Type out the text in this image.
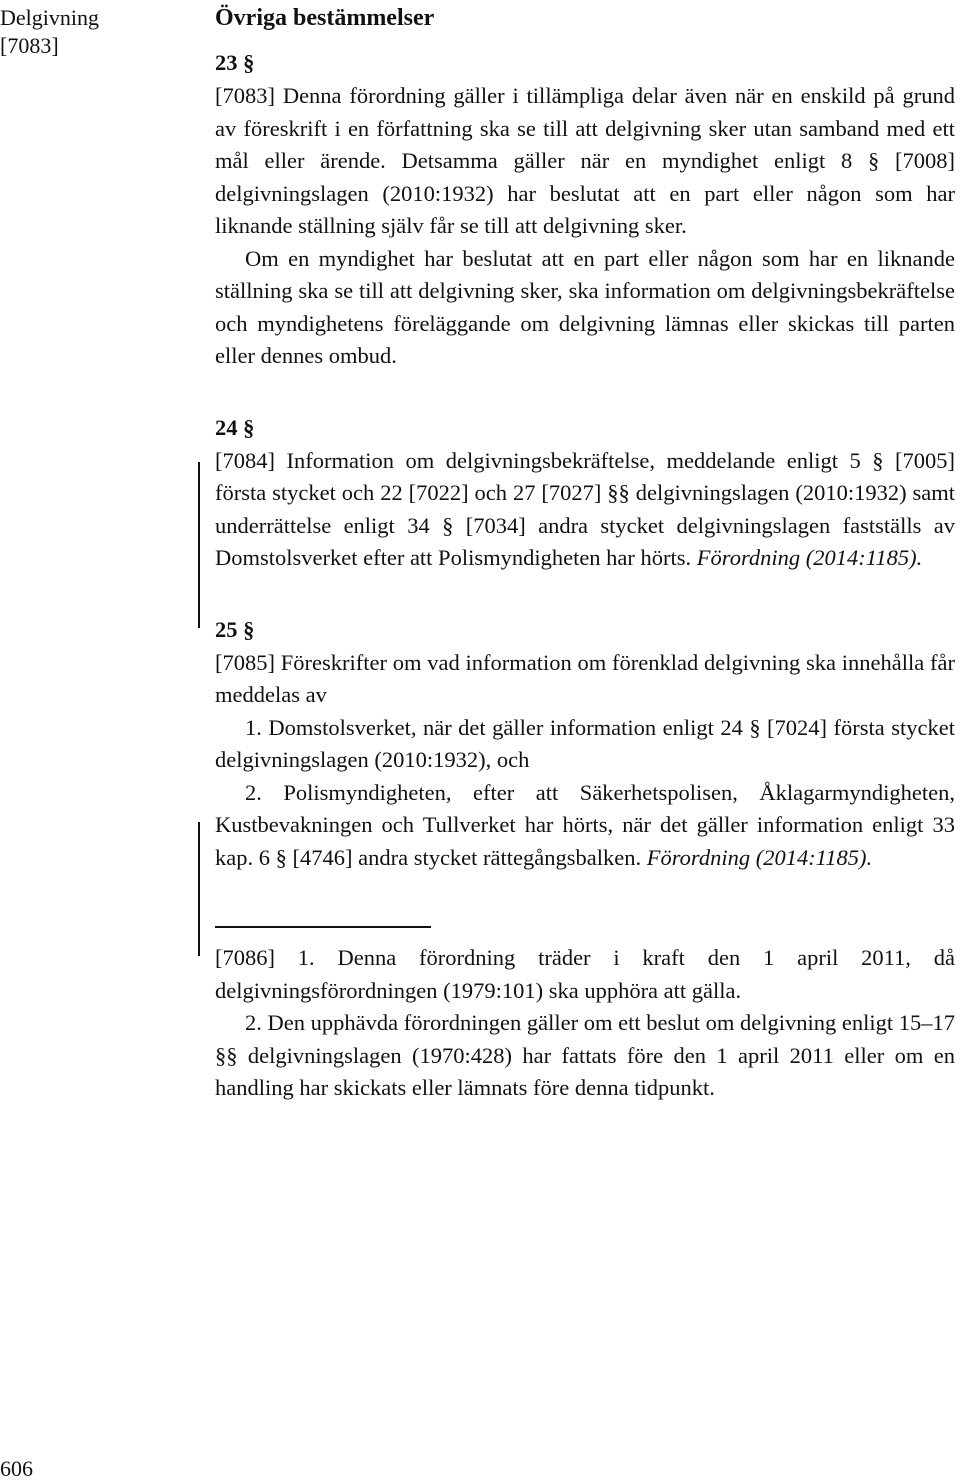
Delgivning
[7083]
Övriga bestämmelser
23 §

[7083] Denna förordning gäller i tillämpliga delar även när en enskild på grund av föreskrift i en författning ska se till att delgivning sker utan samband med ett mål eller ärende. Detsamma gäller när en myndighet enligt 8 § [7008] delgivningslagen (2010:1932) har beslutat att en part eller någon som har liknande ställning själv får se till att delgivning sker.

Om en myndighet har beslutat att en part eller någon som har en liknande ställning ska se till att delgivning sker, ska information om delgivningsbekräftelse och myndighetens föreläggande om delgivning lämnas eller skickas till parten eller dennes ombud.

24 §

[7084] Information om delgivningsbekräftelse, meddelande enligt 5 § [7005] första stycket och 22 [7022] och 27 [7027] §§ delgivningslagen (2010:1932) samt underrättelse enligt 34 § [7034] andra stycket delgivningslagen fastställs av Domstolsverket efter att Polismyndigheten har hörts. Förordning (2014:1185).

25 §

[7085] Föreskrifter om vad information om förenklad delgivning ska innehålla får meddelas av

1. Domstolsverket, när det gäller information enligt 24 § [7024] första stycket delgivningslagen (2010:1932), och

2. Polismyndigheten, efter att Säkerhetspolisen, Åklagarmyndigheten, Kustbevakningen och Tullverket har hörts, när det gäller information enligt 33 kap. 6 § [4746] andra stycket rättegångsbalken. Förordning (2014:1185).

[7086] 1. Denna förordning träder i kraft den 1 april 2011, då delgivningsförordningen (1979:101) ska upphöra att gälla.

2. Den upphävda förordningen gäller om ett beslut om delgivning enligt 15–17 §§ delgivningslagen (1970:428) har fattats före den 1 april 2011 eller om en handling har skickats eller lämnats före denna tidpunkt.

606
